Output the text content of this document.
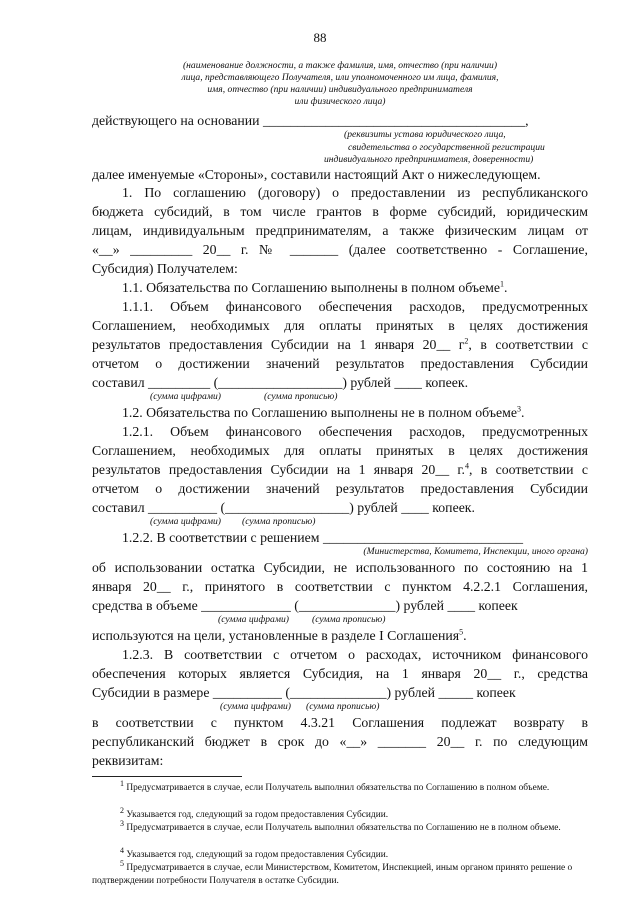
88
(наименование должности, а также фамилия, имя, отчество (при наличии)
лица, представляющего Получателя, или уполномоченного им лица, фамилия,
имя, отчество (при наличии) индивидуального предпринимателя
или физического лица)
действующего на основании ______________________________________,
(реквизиты устава юридического лица,
свидетельства о государственной регистрации
индивидуального предпринимателя, доверенности)
далее именуемые «Стороны», составили настоящий Акт о нижеследующем.
1. По соглашению (договору) о предоставлении из республиканского
бюджета субсидий, в том числе грантов в форме субсидий, юридическим
лицам, индивидуальным предпринимателям, а также физическим лицам от
«__» _________ 20__ г. № _______ (далее соответственно - Соглашение,
Субсидия) Получателем:
1.1. Обязательства по Соглашению выполнены в полном объеме$^1$.
1.1.1. Объем финансового обеспечения расходов, предусмотренных
Соглашением, необходимых для оплаты принятых в целях достижения
результатов предоставления Субсидии на 1 января 20__ $г^2$, в соответствии с
отчетом о достижении значений результатов предоставления Субсидии
составил _________ (__________________) рублей ____ копеек.
(сумма цифрами)	(сумма прописью)
1.2. Обязательства по Соглашению выполнены не в полном объеме$^3$.
1.2.1. Объем финансового обеспечения расходов, предусмотренных
Соглашением, необходимых для оплаты принятых в целях достижения
результатов предоставления Субсидии на 1 января 20__ г.$^4$, в соответствии с
отчетом о достижении значений результатов предоставления Субсидии
составил __________ (__________________) рублей ____ копеек.
(сумма цифрами) (сумма прописью)
1.2.2. В соответствии с решением _____________________________
(Министерства, Комитета, Инспекции, иного органа)
об использовании остатка Субсидии, не использованного по состоянию на 1
января 20__ г., принятого в соответствии с пунктом 4.2.2.1 Соглашения,
средства в объеме _____________ (______________) рублей ____ копеек
(сумма цифрами) (сумма прописью)
используются на цели, установленные в разделе I Соглашения$^5$.
1.2.3. В соответствии с отчетом о расходах, источником финансового
обеспечения которых является Субсидия, на 1 января 20__ г., средства
Субсидии в размере __________ (______________) рублей _____ копеек
(сумма цифрами) (сумма прописью)
в соответствии с пунктом 4.3.21 Соглашения подлежат возврату в
республиканский бюджет в срок до «__» _______ 20__ г. по следующим
реквизитам:
$^1$ Предусматривается в случае, если Получатель выполнил обязательства по Соглашению в полном объеме.
$^2$ Указывается год, следующий за годом предоставления Субсидии.
$^3$ Предусматривается в случае, если Получатель выполнил обязательства по Соглашению не в полном объеме.
$^4$ Указывается год, следующий за годом предоставления Субсидии.
$^5$ Предусматривается в случае, если Министерством, Комитетом, Инспекцией, иным органом принято решение о подтверждении потребности Получателя в остатке Субсидии.
